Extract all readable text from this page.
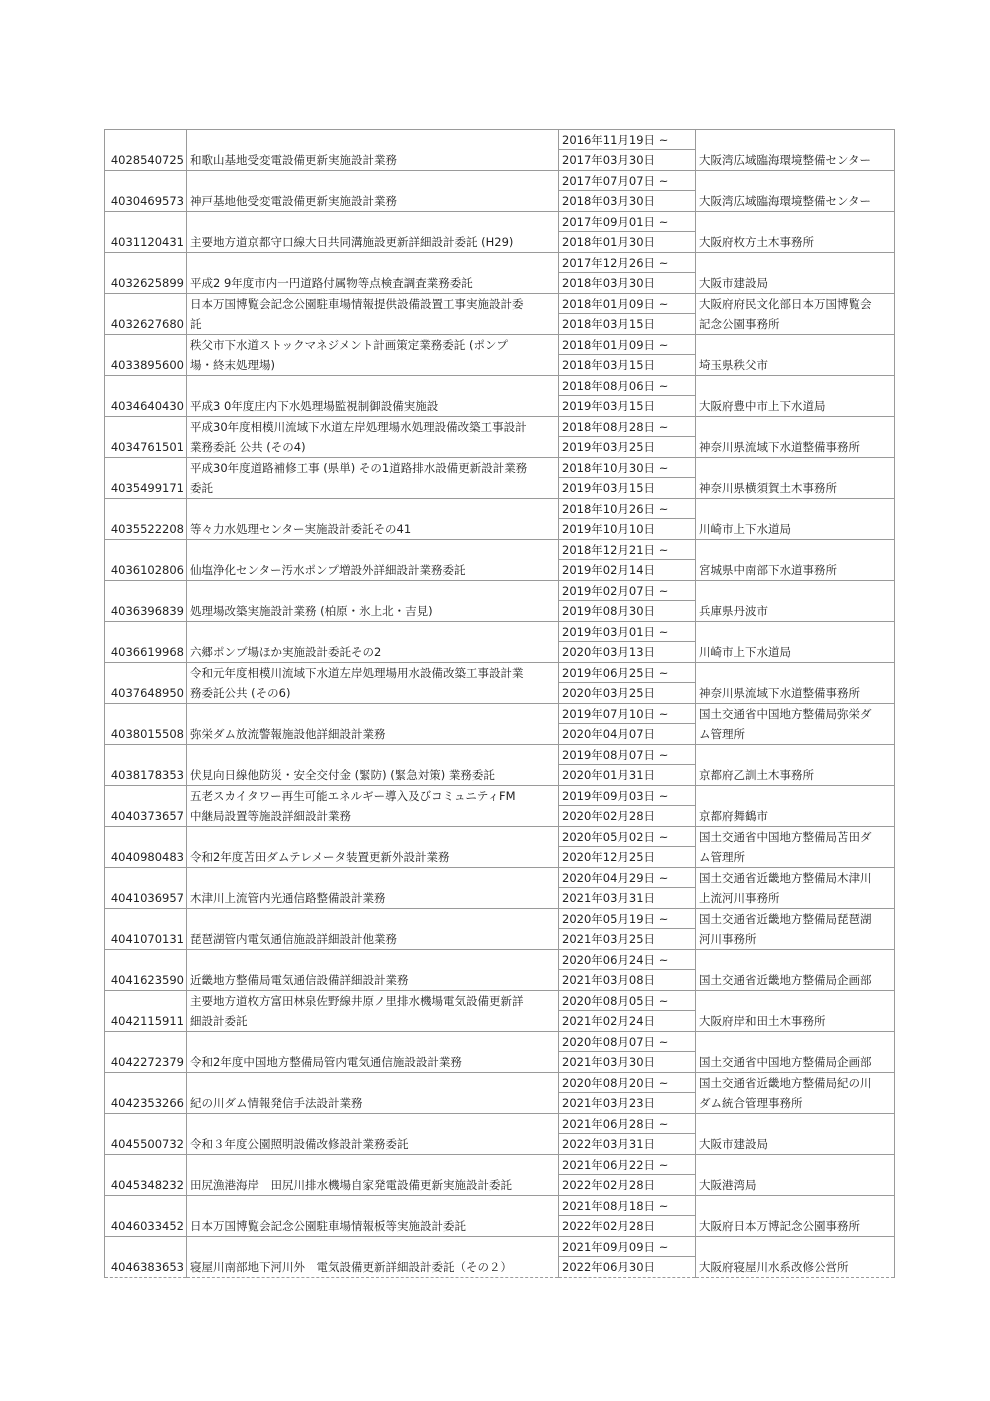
4028540725	和歌山基地受変電設備更新実施設計業務	2016年11月19日 ~
2017年03月30日	大阪湾広域臨海環境整備センター

4030469573	神戸基地他受変電設備更新実施設計業務	2017年07月07日 ~
2018年03月30日	大阪湾広域臨海環境整備センター

4031120431	主要地方道京都守口線大日共同溝施設更新詳細設計委託 (H29)	2017年09月01日 ~
2018年01月30日	大阪府枚方土木事務所

4032625899	平成2 9年度市内一円道路付属物等点検査調査業務委託	2017年12月26日 ~
2018年03月30日	大阪市建設局

4032627680	日本万国博覧会記念公園駐車場情報提供設備設置工事実施設計委
託	2018年01月09日 ~
2018年03月15日	大阪府府民文化部日本万国博覧会
記念公園事務所

4033895600	秩父市下水道ストックマネジメント計画策定業務委託 (ポンプ
場・終末処理場)	2018年01月09日 ~
2018年03月15日	埼玉県秩父市

4034640430	平成3 0年度庄内下水処理場監視制御設備実施設	2018年08月06日 ~
2019年03月15日	大阪府豊中市上下水道局

4034761501	平成30年度相模川流域下水道左岸処理場水処理設備改築工事設計
業務委託 公共 (その4)	2018年08月28日 ~
2019年03月25日	神奈川県流域下水道整備事務所

4035499171	平成30年度道路補修工事 (県単) その1道路排水設備更新設計業務
委託	2018年10月30日 ~
2019年03月15日	神奈川県横須賀土木事務所

4035522208	等々力水処理センター実施設計委託その41	2018年10月26日 ~
2019年10月10日	川崎市上下水道局

4036102806	仙塩浄化センター汚水ポンプ増設外詳細設計業務委託	2018年12月21日 ~
2019年02月14日	宮城県中南部下水道事務所

4036396839	処理場改築実施設計業務 (柏原・氷上北・吉見)	2019年02月07日 ~
2019年08月30日	兵庫県丹波市

4036619968	六郷ポンプ場ほか実施設計委託その2	2019年03月01日 ~
2020年03月13日	川崎市上下水道局

4037648950	令和元年度相模川流域下水道左岸処理場用水設備改築工事設計業
務委託公共 (その6)	2019年06月25日 ~
2020年03月25日	神奈川県流域下水道整備事務所

4038015508	弥栄ダム放流警報施設他詳細設計業務	2019年07月10日 ~
2020年04月07日	国土交通省中国地方整備局弥栄ダ
ム管理所

4038178353	伏見向日線他防災・安全交付金 (緊防) (緊急対策) 業務委託	2019年08月07日 ~
2020年01月31日	京都府乙訓土木事務所

4040373657	五老スカイタワー再生可能エネルギー導入及びコミュニティFM
中継局設置等施設詳細設計業務	2019年09月03日 ~
2020年02月28日	京都府舞鶴市

4040980483	令和2年度苫田ダムテレメータ装置更新外設計業務	2020年05月02日 ~
2020年12月25日	国土交通省中国地方整備局苫田ダ
ム管理所

4041036957	木津川上流管内光通信路整備設計業務	2020年04月29日 ~
2021年03月31日	国土交通省近畿地方整備局木津川
上流河川事務所

4041070131	琵琶湖管内電気通信施設詳細設計他業務	2020年05月19日 ~
2021年03月25日	国土交通省近畿地方整備局琵琶湖
河川事務所

4041623590	近畿地方整備局電気通信設備詳細設計業務	2020年06月24日 ~
2021年03月08日	国土交通省近畿地方整備局企画部

4042115911	主要地方道枚方富田林泉佐野線井原ノ里排水機場電気設備更新詳
細設計委託	2020年08月05日 ~
2021年02月24日	大阪府岸和田土木事務所

4042272379	令和2年度中国地方整備局管内電気通信施設設計業務	2020年08月07日 ~
2021年03月30日	国土交通省中国地方整備局企画部

4042353266	紀の川ダム情報発信手法設計業務	2020年08月20日 ~
2021年03月23日	国土交通省近畿地方整備局紀の川
ダム統合管理事務所

4045500732	令和３年度公園照明設備改修設計業務委託	2021年06月28日 ~
2022年03月31日	大阪市建設局

4045348232	田尻漁港海岸　田尻川排水機場自家発電設備更新実施設計委託	2021年06月22日 ~
2022年02月28日	大阪港湾局

4046033452	日本万国博覧会記念公園駐車場情報板等実施設計委託	2021年08月18日 ~
2022年02月28日	大阪府日本万博記念公園事務所

4046383653	寝屋川南部地下河川外　電気設備更新詳細設計委託（その２）	2021年09月09日 ~
2022年06月30日	大阪府寝屋川水系改修公営所
